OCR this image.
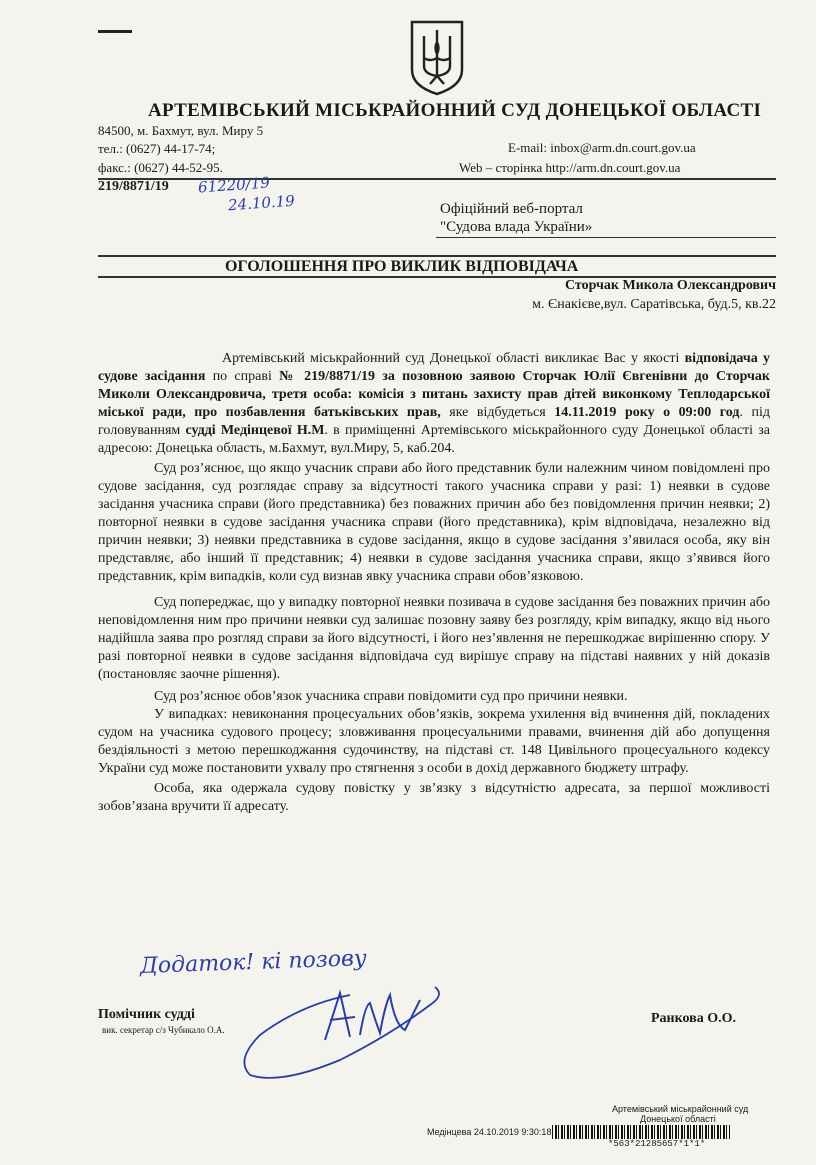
АРТЕМІВСЬКИЙ МІСЬКРАЙОННИЙ СУД ДОНЕЦЬКОЇ ОБЛАСТІ
84500, м. Бахмут, вул. Миру 5
тел.: (0627) 44-17-74;
факс.: (0627) 44-52-95.
E-mail: inbox@arm.dn.court.gov.ua
Web – сторінка http://arm.dn.court.gov.ua
219/8871/19 61220/19
24.10.19	Офіційний веб-портал
"Судова влада України»
ОГОЛОШЕННЯ ПРО ВИКЛИК ВІДПОВІДАЧА
Сторчак Микола Олександрович
м. Єнакієве,вул. Саратівська, буд.5, кв.22

Артемівський міськрайонний суд Донецької області викликає Вас у якості відповідача у судове засідання по справі № 219/8871/19 за позовною заявою Сторчак Юлії Євгенівни до Сторчак Миколи Олександровича, третя особа: комісія з питань захисту прав дітей виконкому Теплодарської міської ради, про позбавлення батьківських прав, яке відбудеться 14.11.2019 року о 09:00 год. під головуванням судді Медінцевої Н.М. в приміщенні Артемівського міськрайонного суду Донецької області за адресою: Донецька область, м.Бахмут, вул.Миру, 5, каб.204.

Суд роз’яснює, що якщо учасник справи або його представник були належним чином повідомлені про судове засідання, суд розглядає справу за відсутності такого учасника справи у разі: 1) неявки в судове засідання учасника справи (його представника) без поважних причин або без повідомлення причин неявки; 2) повторної неявки в судове засідання учасника справи (його представника), крім відповідача, незалежно від причин неявки; 3) неявки представника в судове засідання, якщо в судове засідання з’явилася особа, яку він представляє, або інший її представник; 4) неявки в судове засідання учасника справи, якщо з’явився його представник, крім випадків, коли суд визнав явку учасника справи обов’язковою.

Суд попереджає, що у випадку повторної неявки позивача в судове засідання без поважних причин або неповідомлення ним про причини неявки суд залишає позовну заяву без розгляду, крім випадку, якщо від нього надійшла заява про розгляд справи за його відсутності, і його нез’явлення не перешкоджає вирішенню спору. У разі повторної неявки в судове засідання відповідача суд вирішує справу на підставі наявних у ній доказів (постановляє заочне рішення).

Суд роз’яснює обов’язок учасника справи повідомити суд про причини неявки.

У випадках: невиконання процесуальних обов’язків, зокрема ухилення від вчинення дій, покладених судом на учасника судового процесу; зловживання процесуальними правами, вчинення дій або допущення бездіяльності з метою перешкоджання судочинству, на підставі ст. 148 Цивільного процесуального кодексу України суд може постановити ухвалу про стягнення з особи в дохід державного бюджету штрафу.

Особа, яка одержала судову повістку у зв’язку з відсутністю адресата, за першої можливості зобов’язана вручити її адресату.

Додаток! кі позову
Помічник судді
вик. секретар с/з Чубикало О.А.
Ранкова О.О.
Артемівський міськрайонний суд
Донецької області
Медінцева 24.10.2019 9:30:18
*563*21285657*1*1*
